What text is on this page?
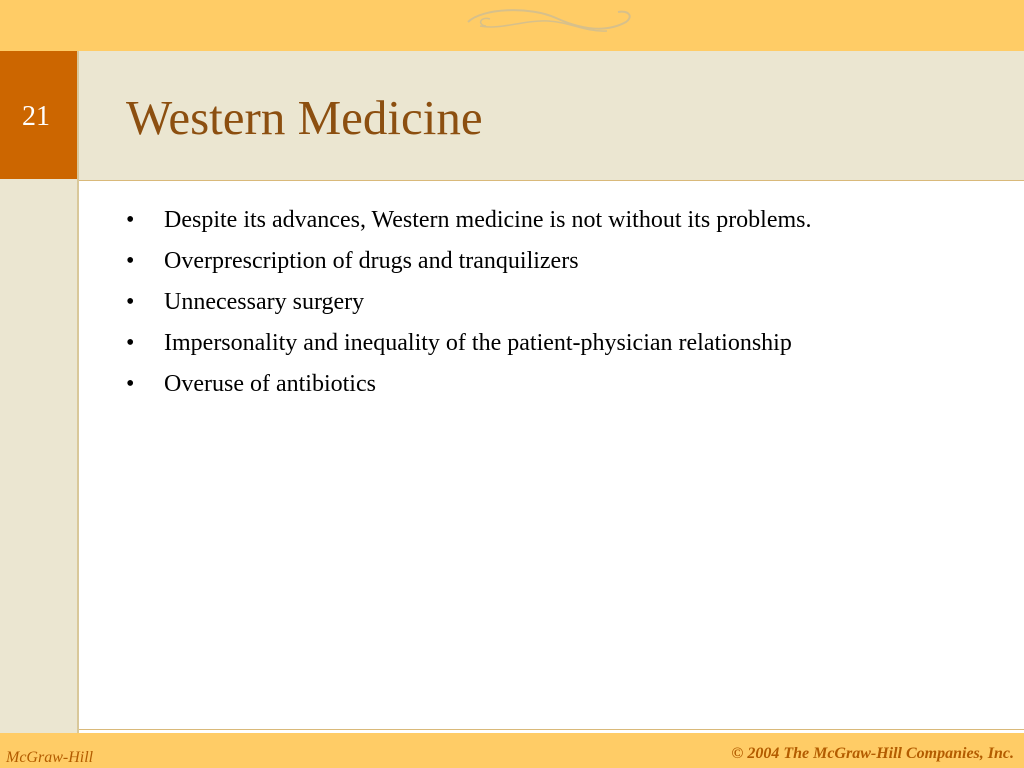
21	Western Medicine
• Despite its advances, Western medicine is not without its problems.
• Overprescription of drugs and tranquilizers
• Unnecessary surgery
• Impersonality and inequality of the patient-physician relationship
• Overuse of antibiotics
McGraw-Hill	© 2004 The McGraw-Hill Companies, Inc.
